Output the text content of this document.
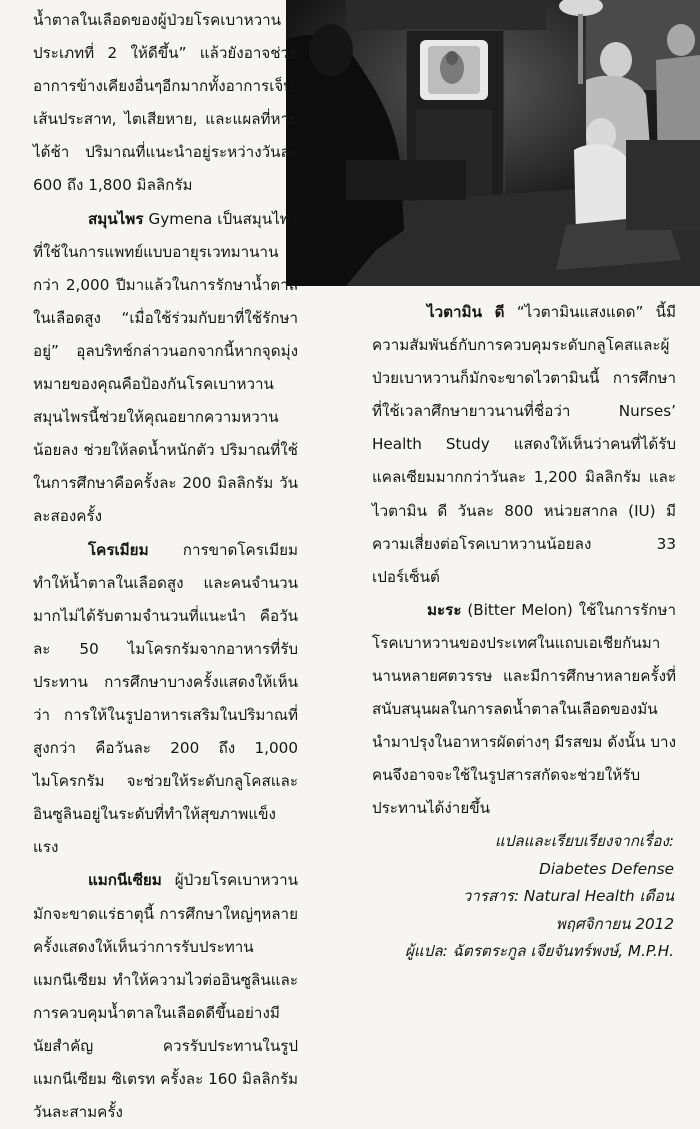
น้ำตาลในเลือดของผู้ป่วยโรคเบาหวานประเภทที่ 2 ให้ดีขึ้น” แล้วยังอาจช่วยอาการข้างเคียงอื่นๆอีกมากทั้งอาการเจ็บเส้นประสาท, ไตเสียหาย, และแผลที่หายได้ช้า ปริมาณที่แนะนำอยู่ระหว่างวันละ 600 ถึง 1,800 มิลลิกรัม

สมุนไพร Gymena เป็นสมุนไพรที่ใช้ในการแพทย์แบบอายุรเวทมานานกว่า 2,000 ปีมาแล้วในการรักษาน้ำตาลในเลือดสูง “เมื่อใช้ร่วมกับยาที่ใช้รักษาอยู่” อุลบริทช์กล่าวนอกจากนี้หากจุดมุ่งหมายของคุณคือป้องกันโรคเบาหวาน สมุนไพรนี้ช่วยให้คุณอยากความหวานน้อยลง ช่วยให้ลดน้ำหนักตัว ปริมาณที่ใช้ในการศึกษาคือครั้งละ 200 มิลลิกรัม วันละสองครั้ง

โครเมียม การขาดโครเมียมทำให้น้ำตาลในเลือดสูง และคนจำนวนมากไม่ได้รับตามจำนวนที่แนะนำ คือวันละ 50 ไมโครกรัมจากอาหารที่รับประทาน การศึกษาบางครั้งแสดงให้เห็นว่า การให้ในรูปอาหารเสริมในปริมาณที่สูงกว่า คือวันละ 200 ถึง 1,000 ไมโครกรัม จะช่วยให้ระดับกลูโคสและอินซูลินอยู่ในระดับที่ทำให้สุขภาพแข็งแรง

แมกนีเซียม ผู้ป่วยโรคเบาหวานมักจะขาดแร่ธาตุนี้ การศึกษาใหญ่ๆหลายครั้งแสดงให้เห็นว่าการรับประทานแมกนีเซียม ทำให้ความไวต่ออินซูลินและการควบคุมน้ำตาลในเลือดดีขึ้นอย่างมีนัยสำคัญ ควรรับประทานในรูปแมกนีเซียม ซิเตรท ครั้งละ 160 มิลลิกรัม วันละสามครั้ง

ไวตามิน ดี “ไวตามินแสงแดด” นี้มีความสัมพันธ์กับการควบคุมระดับกลูโคสและผู้ป่วยเบาหวานก็มักจะขาดไวตามินนี้ การศึกษาที่ใช้เวลาศึกษายาวนานที่ชื่อว่า Nurses’ Health Study แสดงให้เห็นว่าคนที่ได้รับแคลเซียมมากกว่าวันละ 1,200 มิลลิกรัม และไวตามิน ดี วันละ 800 หน่วยสากล (IU) มีความเสี่ยงต่อโรคเบาหวานน้อยลง 33 เปอร์เซ็นต์

มะระ (Bitter Melon) ใช้ในการรักษาโรคเบาหวานของประเทศในแถบเอเชียกันมานานหลายศตวรรษ และมีการศึกษาหลายครั้งที่สนับสนุนผลในการลดน้ำตาลในเลือดของมัน นำมาปรุงในอาหารผัดต่างๆ มีรสขม ดังนั้น บางคนจึงอาจจะใช้ในรูปสารสกัดจะช่วยให้รับประทานได้ง่ายขึ้น

แปลและเรียบเรียงจากเรื่อง:

Diabetes Defense

วารสาร: Natural Health เดือน

พฤศจิกายน 2012

ผู้แปล: ฉัตรตระกูล เจียจันทร์พงษ์, M.P.H.
